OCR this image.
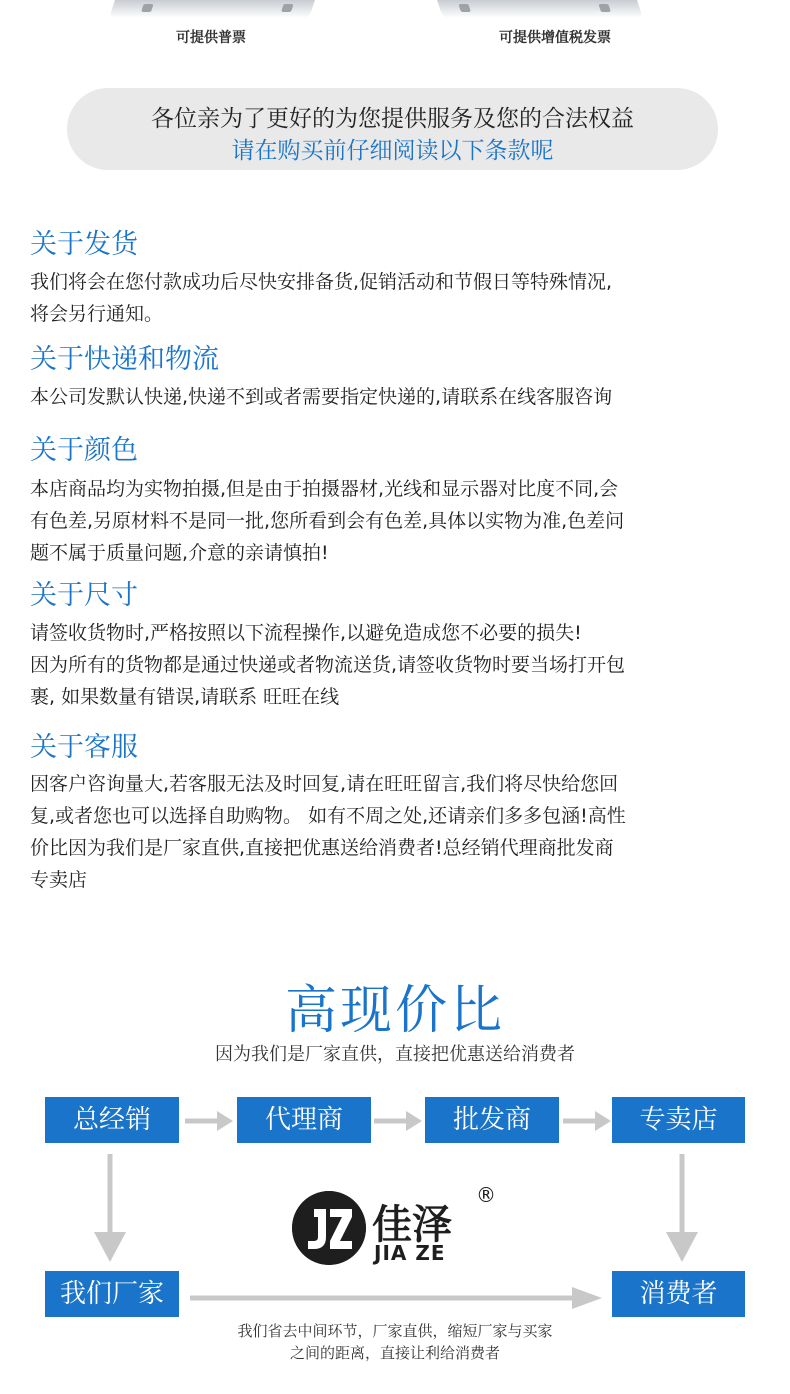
可提供普票	可提供增值税发票
各位亲为了更好的为您提供服务及您的合法权益
请在购买前仔细阅读以下条款呢
关于发货
我们将会在您付款成功后尽快安排备货,促销活动和节假日等特殊情况,
将会另行通知。
关于快递和物流
本公司发默认快递,快递不到或者需要指定快递的,请联系在线客服咨询
关于颜色
本店商品均为实物拍摄,但是由于拍摄器材,光线和显示器对比度不同,会
有色差,另原材料不是同一批,您所看到会有色差,具体以实物为准,色差问
题不属于质量问题,介意的亲请慎拍!
关于尺寸
请签收货物时,严格按照以下流程操作,以避免造成您不必要的损失!
因为所有的货物都是通过快递或者物流送货,请签收货物时要当场打开包
裹, 如果数量有错误,请联系 旺旺在线
关于客服
因客户咨询量大,若客服无法及时回复,请在旺旺留言,我们将尽快给您回
复,或者您也可以选择自助购物。 如有不周之处,还请亲们多多包涵!高性
价比因为我们是厂家直供,直接把优惠送给消费者!总经销代理商批发商
专卖店
高现价比
因为我们是厂家直供，直接把优惠送给消费者
总经销	代理商	批发商	专卖店
佳泽
JIA ZE
®
我们厂家	消费者
我们省去中间环节，厂家直供，缩短厂家与买家
之间的距离，直接让利给消费者
